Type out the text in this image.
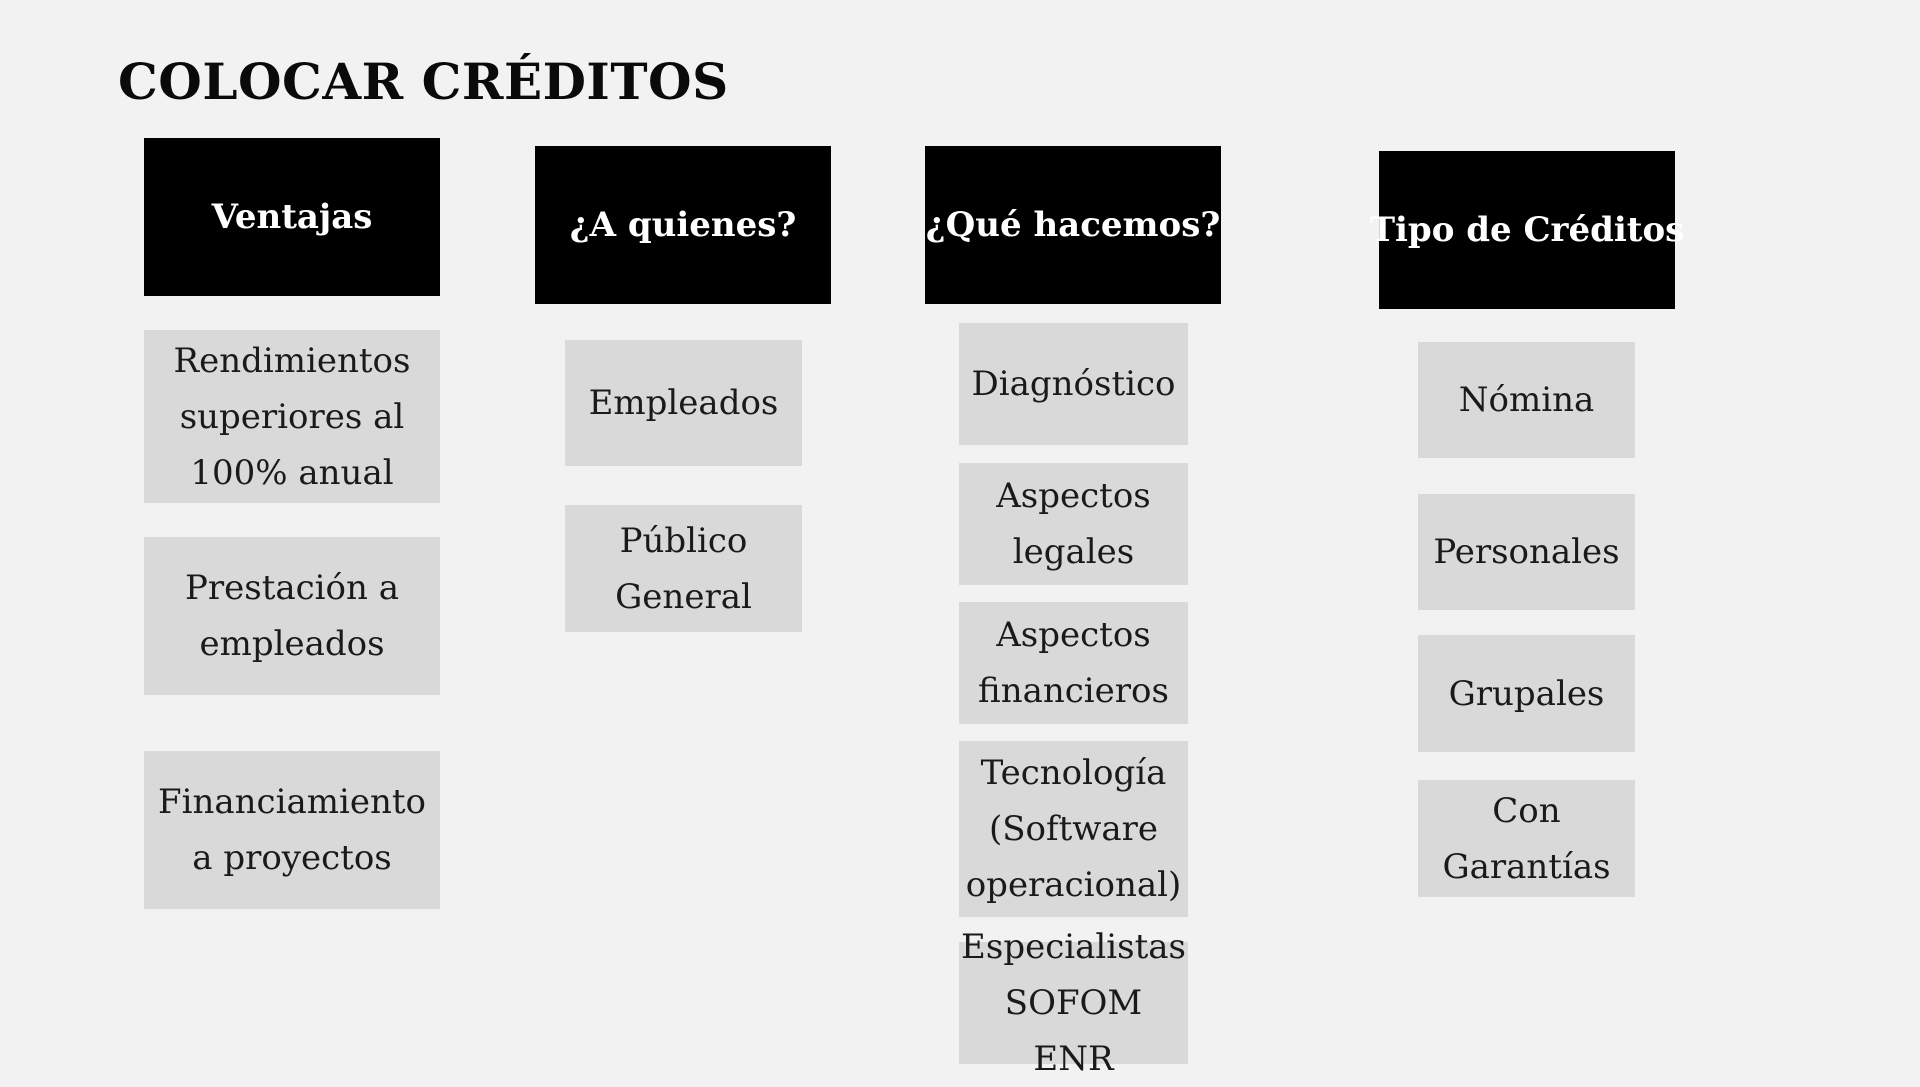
COLOCAR CRÉDITOS
Ventajas
Rendimientos superiores al 100% anual
Prestación a empleados
Financiamiento a proyectos
¿A quienes?
Empleados
Público General
¿Qué hacemos?
Diagnóstico
Aspectos legales
Aspectos financieros
Tecnología (Software operacional)
Especialistas SOFOM ENR
Tipo de Créditos
Nómina
Personales
Grupales
Con Garantías
